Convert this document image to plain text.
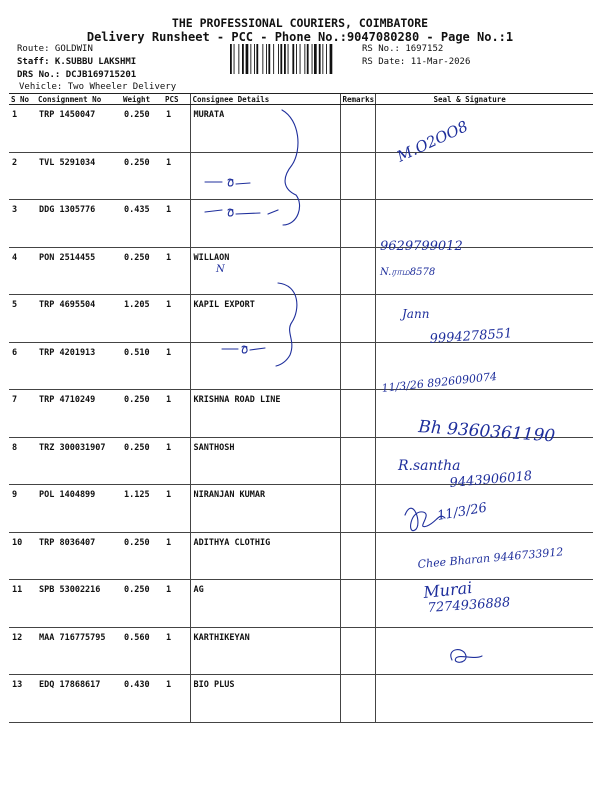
THE PROFESSIONAL COURIERS, COIMBATORE
Delivery Runsheet - PCC - Phone No.:9047080280 - Page No.:1
Route: GOLDWIN
Staff: K.SUBBU LAKSHMI
DRS No.: DCJB169715201
Vehicle: Two Wheeler Delivery
RS No.: 1697152
RS Date: 11-Mar-2026
S No	Consignment No	Weight	PCS	Consignee Details	Remarks	Seal & Signature
1	TRP 1450047	0.250	1	MURATA		
2	TVL 5291034	0.250	1			
3	DDG 1305776	0.435	1			
4	PON 2514455	0.250	1	WILLAON		
5	TRP 4695504	1.205	1	KAPIL EXPORT		
6	TRP 4201913	0.510	1			
7	TRP 4710249	0.250	1	KRISHNA ROAD LINE		
8	TRZ 300031907	0.250	1	SANTHOSH		
9	POL 1404899	1.125	1	NIRANJAN KUMAR		
10	TRP 8036407	0.250	1	ADITHYA CLOTHIG		
11	SPB 53002216	0.250	1	AG		
12	MAA 716775795	0.560	1	KARTHIKEYAN		
13	EDQ 17868617	0.430	1	BIO PLUS		
M.O2OO8
N
9629799012
N.ராம8578
Jann
9994278551
11/3/26 8926090074
Bh 9360361190
R.santha
9443906018
11/3/26
Chee Bharan 9446733912
Murai
7274936888
